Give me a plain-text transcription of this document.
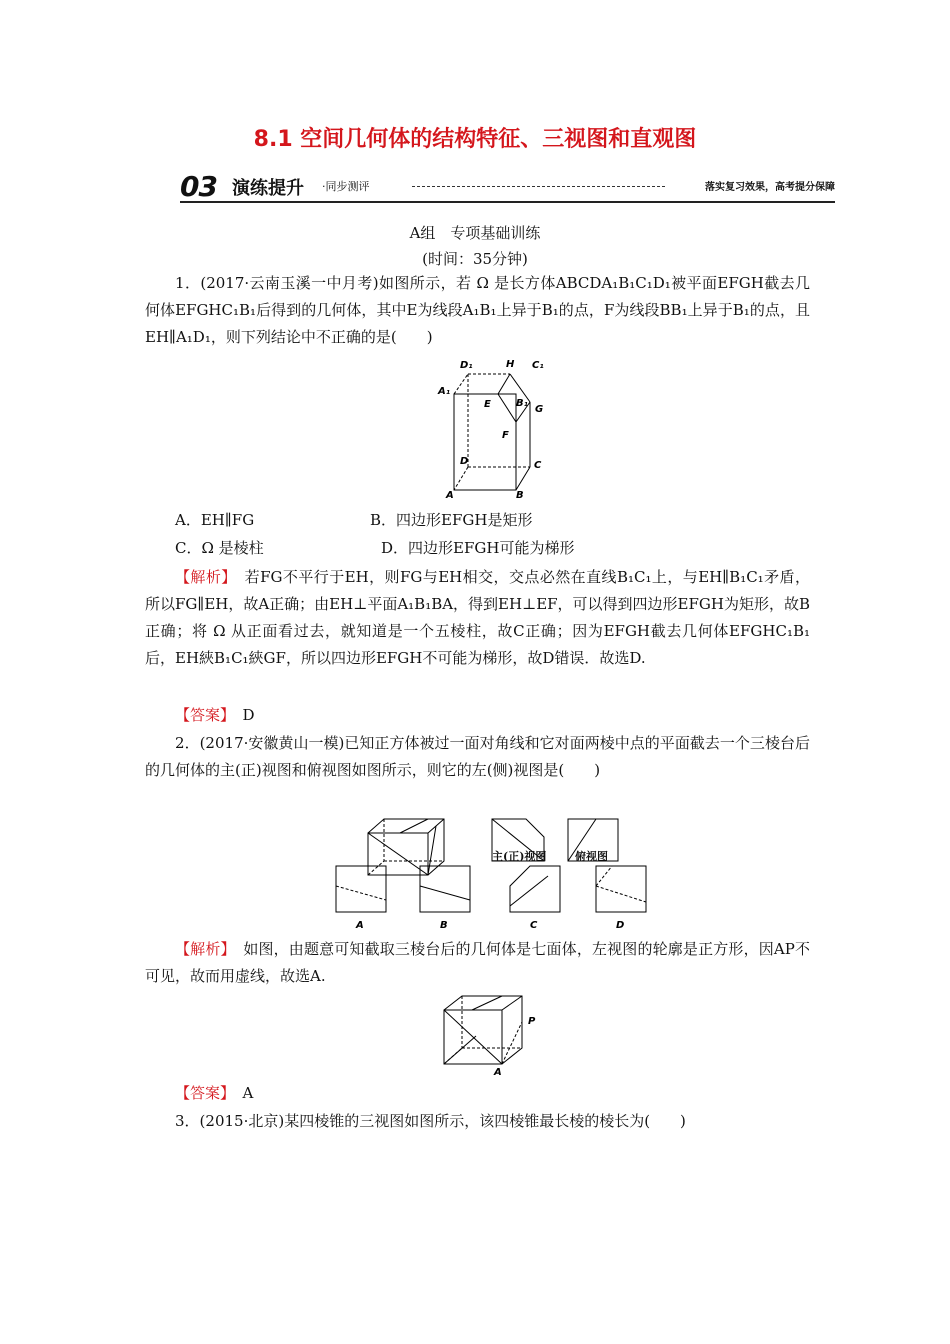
8.1 空间几何体的结构特征、三视图和直观图
03 演练提升 ·同步测评	落实复习效果，高考提分保障
A组　专项基础训练
(时间：35分钟)
1．(2017·云南玉溪一中月考)如图所示，若 Ω 是长方体ABCDA₁B₁C₁D₁被平面EFGH截去几何体EFGHC₁B₁后得到的几何体，其中E为线段A₁B₁上异于B₁的点，F为线段BB₁上异于B₁的点，且EH∥A₁D₁，则下列结论中不正确的是(　　)
D₁	H C₁
A₁
E	B₁
G
F
D	C
A	B
A．EH∥FG	B．四边形EFGH是矩形
C．Ω 是棱柱	D．四边形EFGH可能为梯形
【解析】　 若FG不平行于EH，则FG与EH相交，交点必然在直线B₁C₁上，与EH∥B₁C₁矛盾，所以FG∥EH，故A正确；由EH⊥平面A₁B₁BA，得到EH⊥EF，可以得到四边形EFGH为矩形，故B正确；将 Ω 从正面看过去，就知道是一个五棱柱，故C正确；因为EFGH截去几何体EFGHC₁B₁后，EH綊B₁C₁綊GF，所以四边形EFGH不可能为梯形，故D错误．故选D.
【答案】　 D
2．(2017·安徽黄山一模)已知正方体被过一面对角线和它对面两棱中点的平面截去一个三棱台后的几何体的主(正)视图和俯视图如图所示，则它的左(侧)视图是(　　)
主(正)视图	俯视图
A	B	C	D
【解析】　 如图，由题意可知截取三棱台后的几何体是七面体，左视图的轮廓是正方形，因AP不可见，故而用虚线，故选A.
P
A
【答案】　 A
3．(2015·北京)某四棱锥的三视图如图所示，该四棱锥最长棱的棱长为(　　)
